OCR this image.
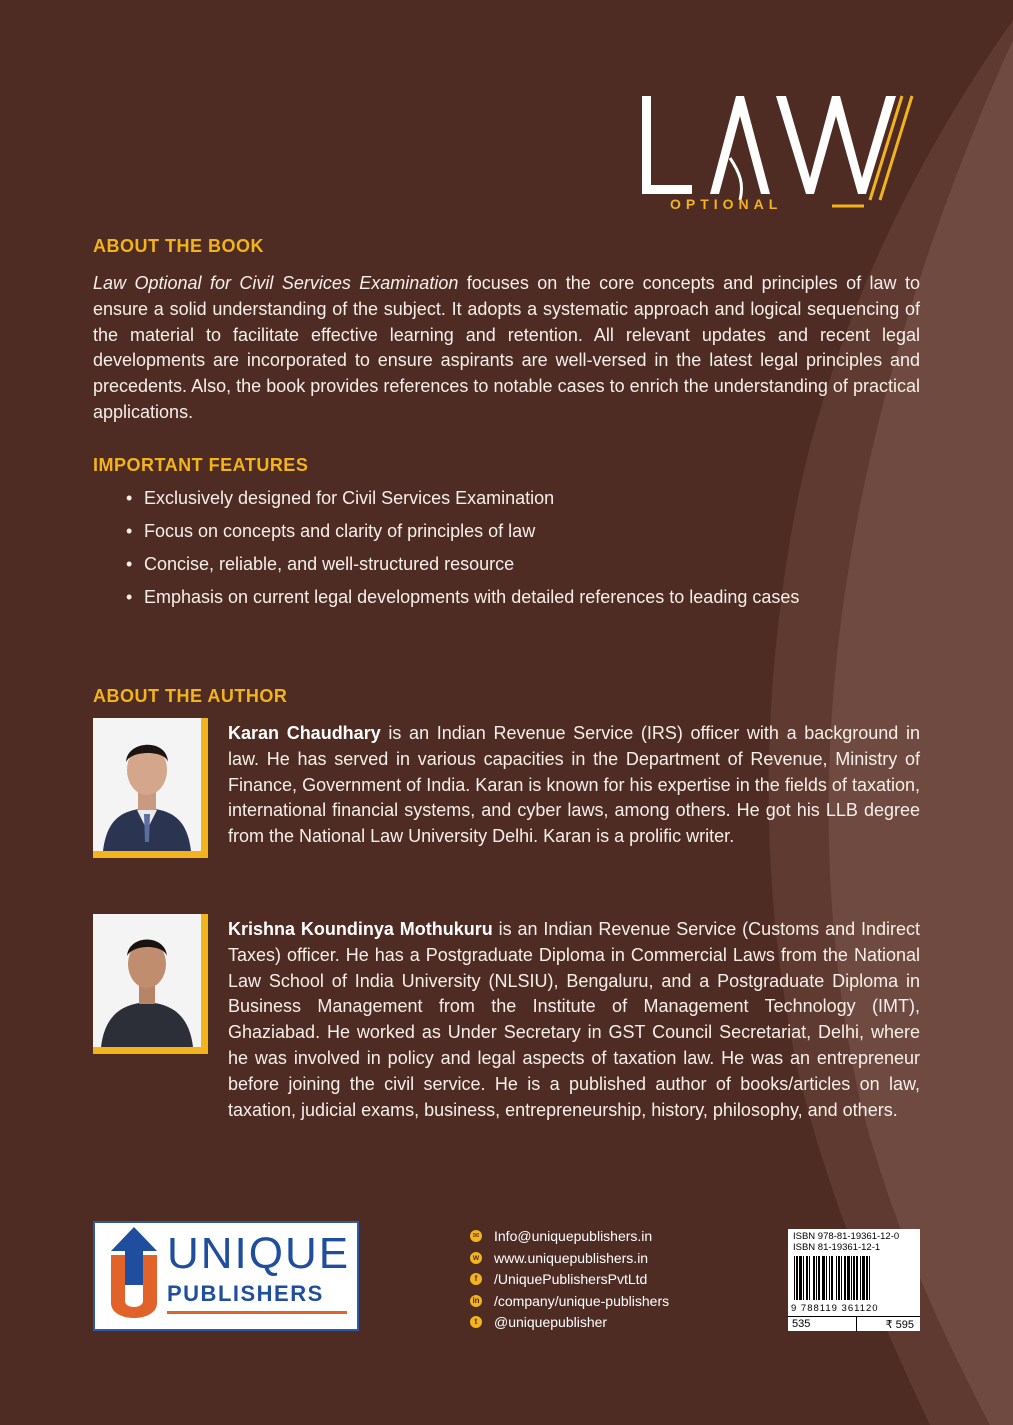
OPTIONAL
ABOUT THE BOOK
Law Optional for Civil Services Examination focuses on the core concepts and principles of law to ensure a solid understanding of the subject. It adopts a systematic approach and logical sequencing of the material to facilitate effective learning and retention. All relevant updates and recent legal developments are incorporated to ensure aspirants are well-versed in the latest legal principles and precedents. Also, the book provides references to notable cases to enrich the understanding of practical applications.
IMPORTANT FEATURES
• Exclusively designed for Civil Services Examination
• Focus on concepts and clarity of principles of law
• Concise, reliable, and well-structured resource
• Emphasis on current legal developments with detailed references to leading cases
ABOUT THE AUTHOR
Karan Chaudhary is an Indian Revenue Service (IRS) officer with a background in law. He has served in various capacities in the Department of Revenue, Ministry of Finance, Government of India. Karan is known for his expertise in the fields of taxation, international financial systems, and cyber laws, among others. He got his LLB degree from the National Law University Delhi. Karan is a prolific writer.
Krishna Koundinya Mothukuru is an Indian Revenue Service (Customs and Indirect Taxes) officer. He has a Postgraduate Diploma in Commercial Laws from the National Law School of India University (NLSIU), Bengaluru, and a Postgraduate Diploma in Business Management from the Institute of Management Technology (IMT), Ghaziabad. He worked as Under Secretary in GST Council Secretariat, Delhi, where he was involved in policy and legal aspects of taxation law. He was an entrepreneur before joining the civil service. He is a published author of books/articles on law, taxation, judicial exams, business, entrepreneurship, history, philosophy, and others.
UNIQUE
PUBLISHERS
✉ Info@uniquepublishers.in
w www.uniquepublishers.in
f	/UniquePublishersPvtLtd
in /company/unique-publishers
t	@uniquepublisher
ISBN 978-81-19361-12-0
ISBN 81-19361-12-1
9 788119 361120
535	₹ 595
